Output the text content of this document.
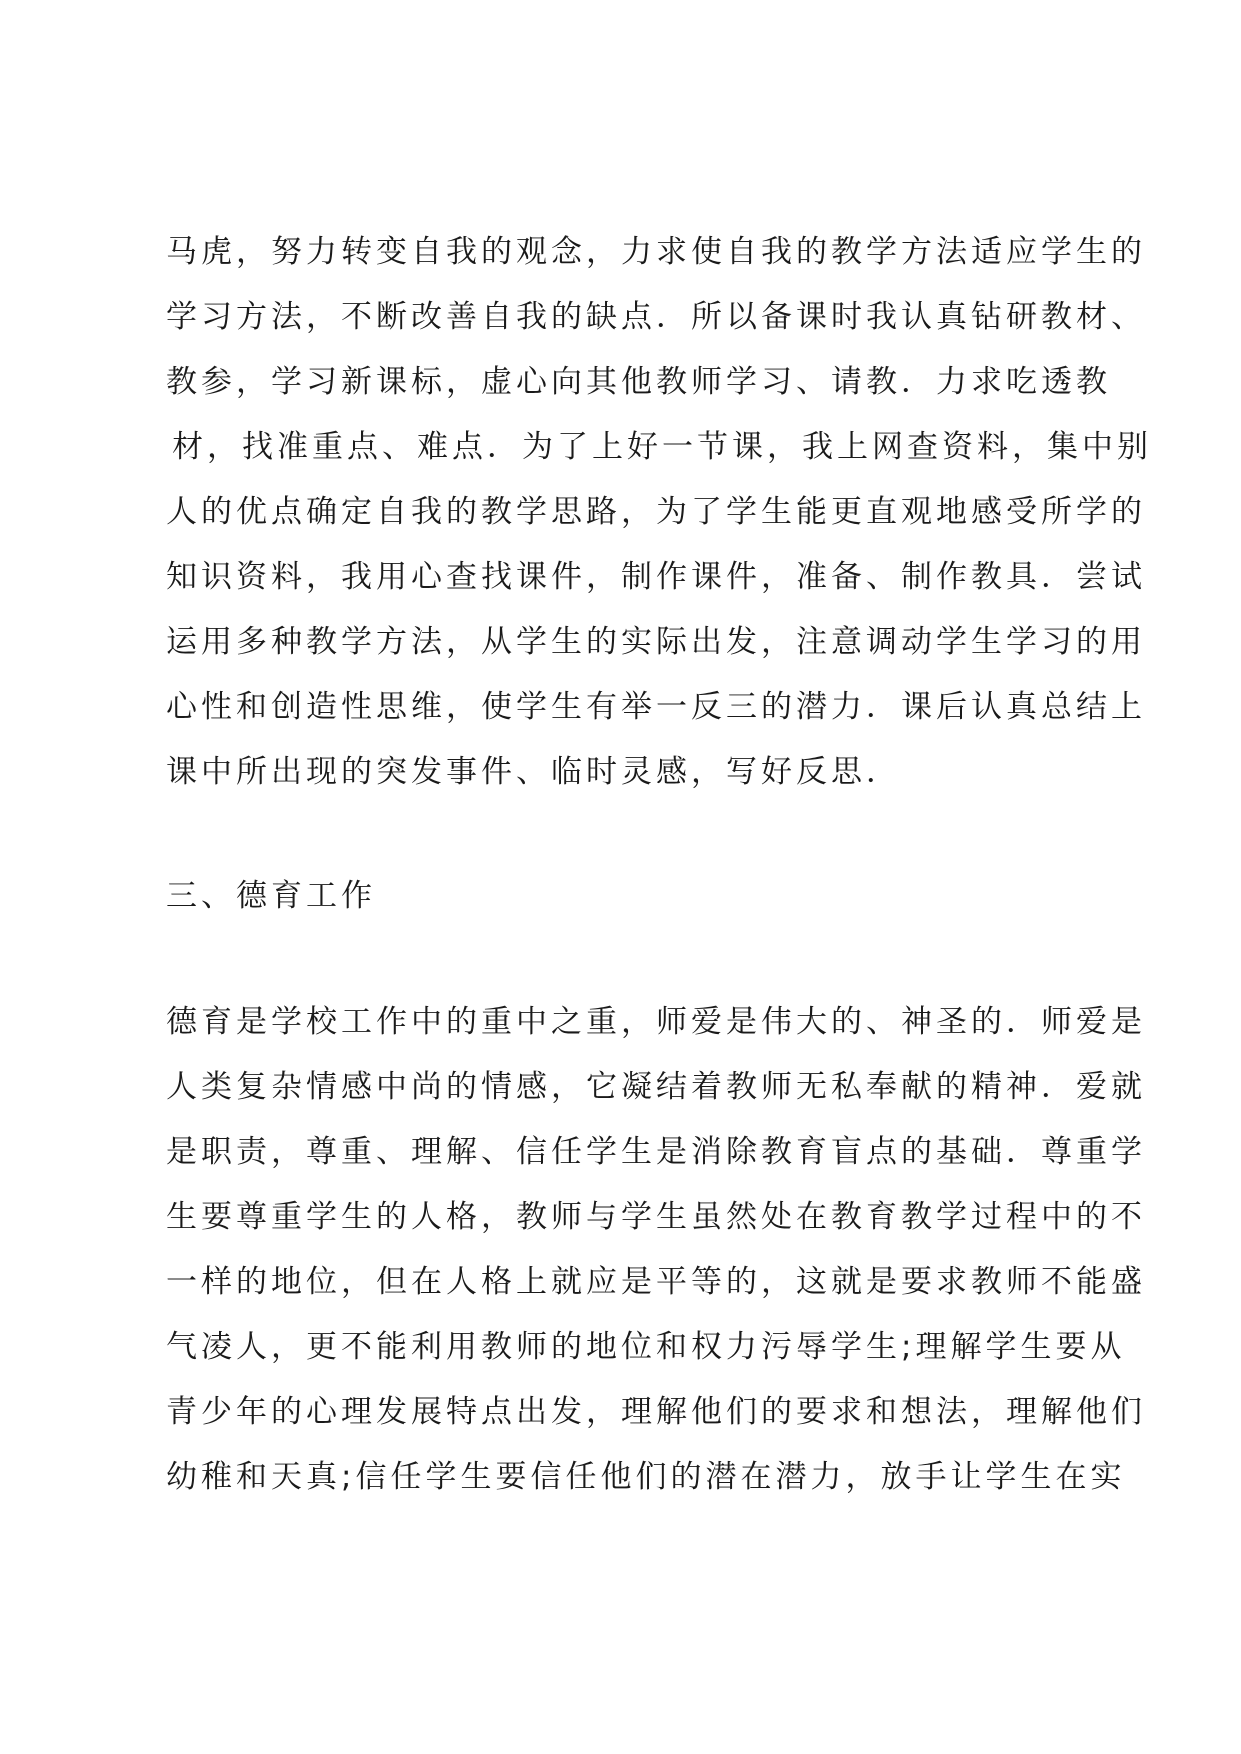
马虎，努力转变自我的观念，力求使自我的教学方法适应学生的
学习方法，不断改善自我的缺点．所以备课时我认真钻研教材、
教参，学习新课标，虚心向其他教师学习、请教．力求吃透教
材，找准重点、难点．为了上好一节课，我上网查资料，集中别
人的优点确定自我的教学思路，为了学生能更直观地感受所学的
知识资料，我用心查找课件，制作课件，准备、制作教具．尝试
运用多种教学方法，从学生的实际出发，注意调动学生学习的用
心性和创造性思维，使学生有举一反三的潜力．课后认真总结上
课中所出现的突发事件、临时灵感，写好反思．
三、德育工作
德育是学校工作中的重中之重，师爱是伟大的、神圣的．师爱是
人类复杂情感中尚的情感，它凝结着教师无私奉献的精神．爱就
是职责，尊重、理解、信任学生是消除教育盲点的基础．尊重学
生要尊重学生的人格，教师与学生虽然处在教育教学过程中的不
一样的地位，但在人格上就应是平等的，这就是要求教师不能盛
气凌人，更不能利用教师的地位和权力污辱学生;理解学生要从
青少年的心理发展特点出发，理解他们的要求和想法，理解他们
幼稚和天真;信任学生要信任他们的潜在潜力，放手让学生在实
